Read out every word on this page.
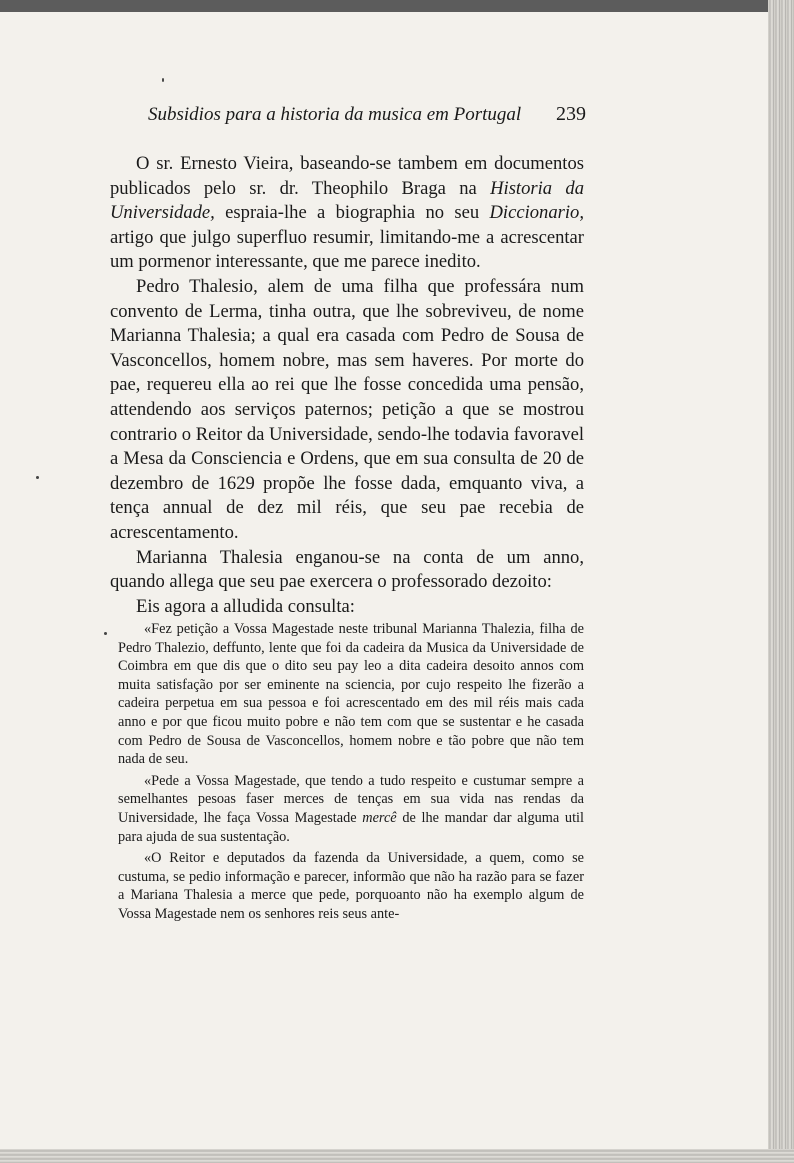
Subsidios para a historia da musica em Portugal 239

O sr. Ernesto Vieira, baseando-se tambem em documentos publicados pelo sr. dr. Theophilo Braga na Historia da Universidade, espraia-lhe a biographia no seu Diccionario, artigo que julgo superfluo resumir, limitando-me a acrescentar um pormenor interessante, que me parece inedito.

Pedro Thalesio, alem de uma filha que professára num convento de Lerma, tinha outra, que lhe sobreviveu, de nome Marianna Thalesia; a qual era casada com Pedro de Sousa de Vasconcellos, homem nobre, mas sem haveres. Por morte do pae, requereu ella ao rei que lhe fosse concedida uma pensão, attendendo aos serviços paternos; petição a que se mostrou contrario o Reitor da Universidade, sendo-lhe todavia favoravel a Mesa da Consciencia e Ordens, que em sua consulta de 20 de dezembro de 1629 propõe lhe fosse dada, emquanto viva, a tença annual de dez mil réis, que seu pae recebia de acrescentamento.

Marianna Thalesia enganou-se na conta de um anno, quando allega que seu pae exercera o professorado dezoito:

Eis agora a alludida consulta:

«Fez petição a Vossa Magestade neste tribunal Marianna Thalezia, filha de Pedro Thalezio, deffunto, lente que foi da cadeira da Musica da Universidade de Coimbra em que dis que o dito seu pay leo a dita cadeira desoito annos com muita satisfação por ser eminente na sciencia, por cujo respeito lhe fizerão a cadeira perpetua em sua pessoa e foi acrescentado em des mil réis mais cada anno e por que ficou muito pobre e não tem com que se sustentar e he casada com Pedro de Sousa de Vasconcellos, homem nobre e tão pobre que não tem nada de seu.

«Pede a Vossa Magestade, que tendo a tudo respeito e custumar sempre a semelhantes pesoas faser merces de tenças em sua vida nas rendas da Universidade, lhe faça Vossa Magestade mercê de lhe mandar dar alguma util para ajuda de sua sustentação.

«O Reitor e deputados da fazenda da Universidade, a quem, como se custuma, se pedio informação e parecer, informão que não ha razão para se fazer a Mariana Thalesia a merce que pede, porquoanto não ha exemplo algum de Vossa Magestade nem os senhores reis seus ante-
